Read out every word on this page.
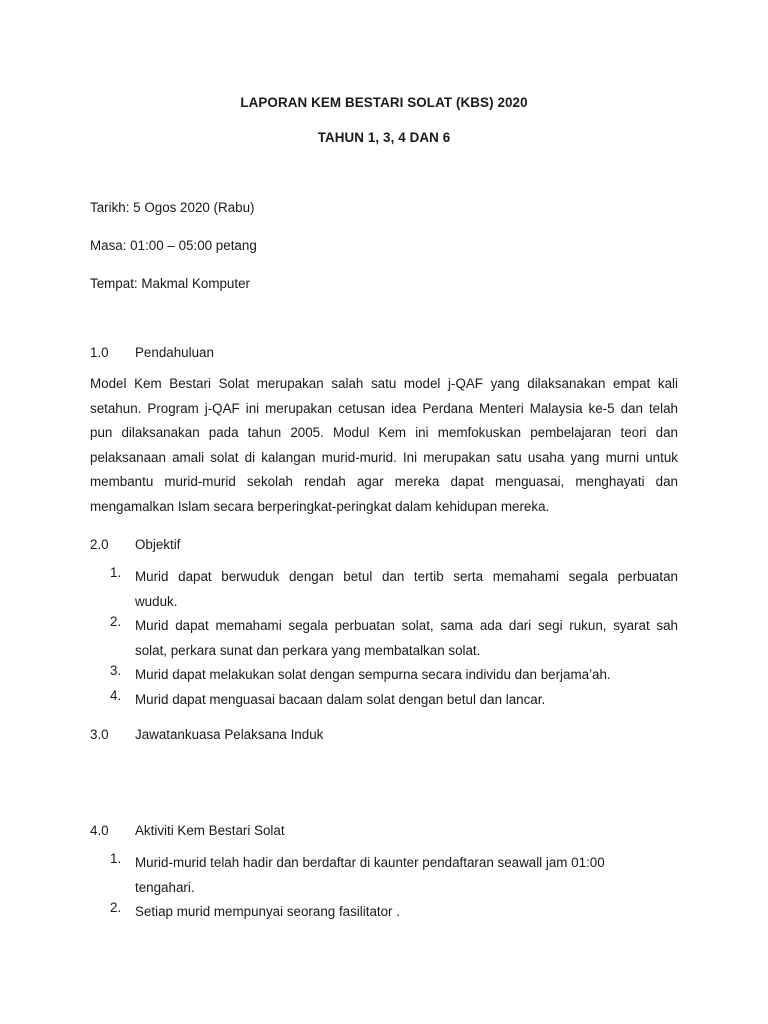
LAPORAN KEM BESTARI SOLAT (KBS) 2020
TAHUN 1, 3, 4 DAN 6
Tarikh: 5 Ogos 2020 (Rabu)
Masa: 01:00 – 05:00 petang
Tempat: Makmal Komputer
1.0	Pendahuluan
Model Kem Bestari Solat merupakan salah satu model j-QAF yang dilaksanakan empat kali
setahun. Program j-QAF ini merupakan cetusan idea Perdana Menteri Malaysia ke-5 dan telah
pun dilaksanakan pada tahun 2005. Modul Kem ini memfokuskan pembelajaran teori dan
pelaksanaan amali solat di kalangan murid-murid. Ini merupakan satu usaha yang murni untuk
membantu murid-murid sekolah rendah agar mereka dapat menguasai, menghayati dan
mengamalkan Islam secara berperingkat-peringkat dalam kehidupan mereka.
2.0	Objektif
1. Murid dapat berwuduk dengan betul dan tertib serta memahami segala perbuatan
wuduk.
2. Murid dapat memahami segala perbuatan solat, sama ada dari segi rukun, syarat sah
solat, perkara sunat dan perkara yang membatalkan solat.
3. Murid dapat melakukan solat dengan sempurna secara individu dan berjama’ah.
4. Murid dapat menguasai bacaan dalam solat dengan betul dan lancar.
3.0	Jawatankuasa Pelaksana Induk
4.0	Aktiviti Kem Bestari Solat
1. Murid-murid telah hadir dan berdaftar di kaunter pendaftaran seawall jam 01:00
tengahari.
2. Setiap murid mempunyai seorang fasilitator .
